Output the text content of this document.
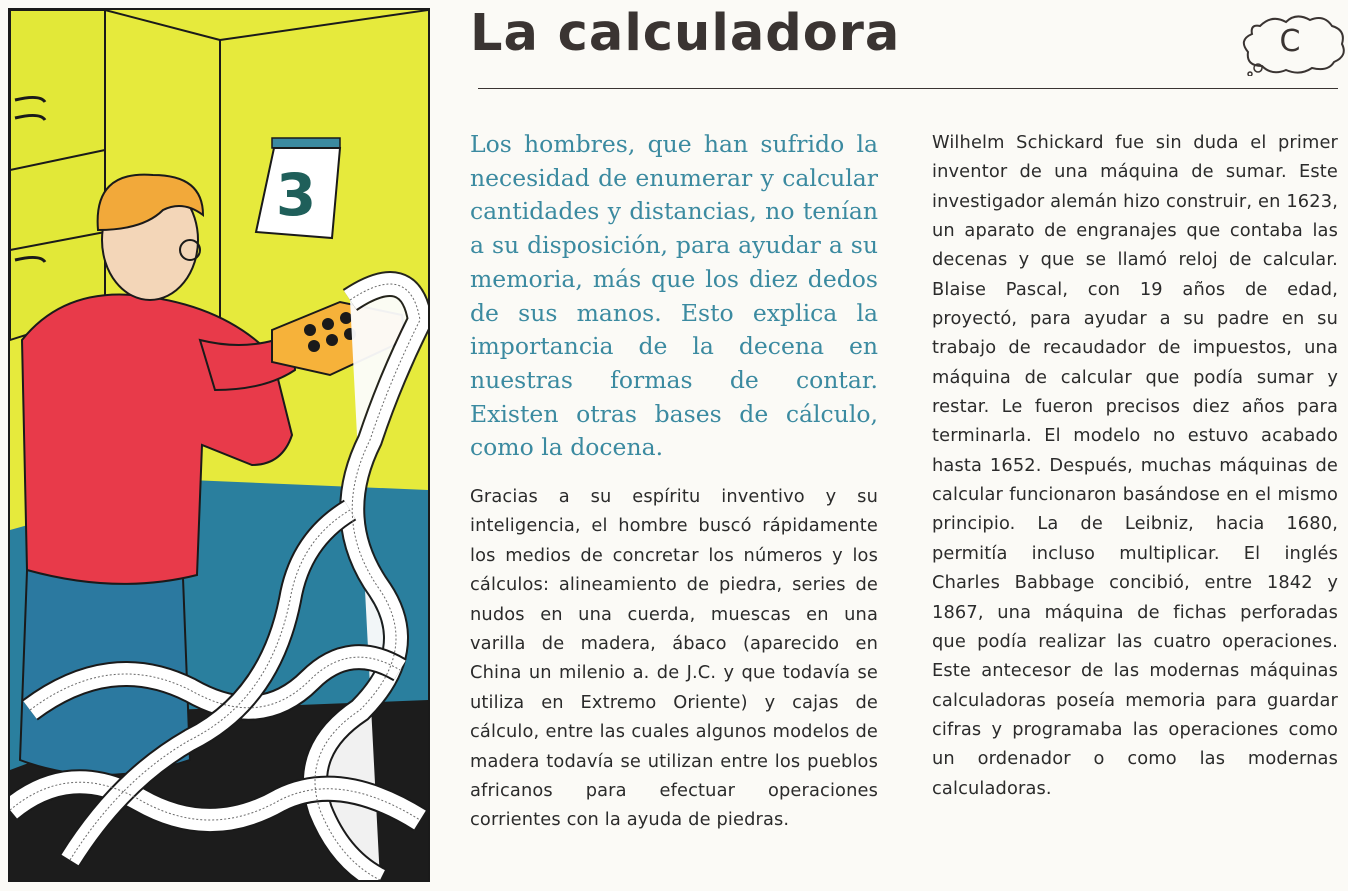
3
La calculadora	C
Los hombres, que han sufrido la necesidad de enumerar y calcular cantidades y distancias, no tenían a su disposición, para ayudar a su memoria, más que los diez dedos de sus manos. Esto explica la importancia de la decena en nuestras formas de contar. Existen otras bases de cálculo, como la docena.
Gracias a su espíritu inventivo y su inteligencia, el hombre buscó rápidamente los medios de concretar los números y los cálculos: alineamiento de piedra, series de nudos en una cuerda, muescas en una varilla de madera, ábaco (aparecido en China un milenio a. de J.C. y que todavía se utiliza en Extremo Oriente) y cajas de cálculo, entre las cuales algunos modelos de madera todavía se utilizan entre los pueblos africanos para efectuar operaciones corrientes con la ayuda de piedras.
Wilhelm Schickard fue sin duda el primer inventor de una máquina de sumar. Este investigador alemán hizo construir, en 1623, un aparato de engranajes que contaba las decenas y que se llamó reloj de calcular. Blaise Pascal, con 19 años de edad, proyectó, para ayudar a su padre en su trabajo de recaudador de impuestos, una máquina de calcular que podía sumar y restar. Le fueron precisos diez años para terminarla. El modelo no estuvo acabado hasta 1652. Después, muchas máquinas de calcular funcionaron basándose en el mismo principio. La de Leibniz, hacia 1680, permitía incluso multiplicar. El inglés Charles Babbage concibió, entre 1842 y 1867, una máquina de fichas perforadas que podía realizar las cuatro operaciones. Este antecesor de las modernas máquinas calculadoras poseía memoria para guardar cifras y programaba las operaciones como un ordenador o como las modernas calculadoras.
